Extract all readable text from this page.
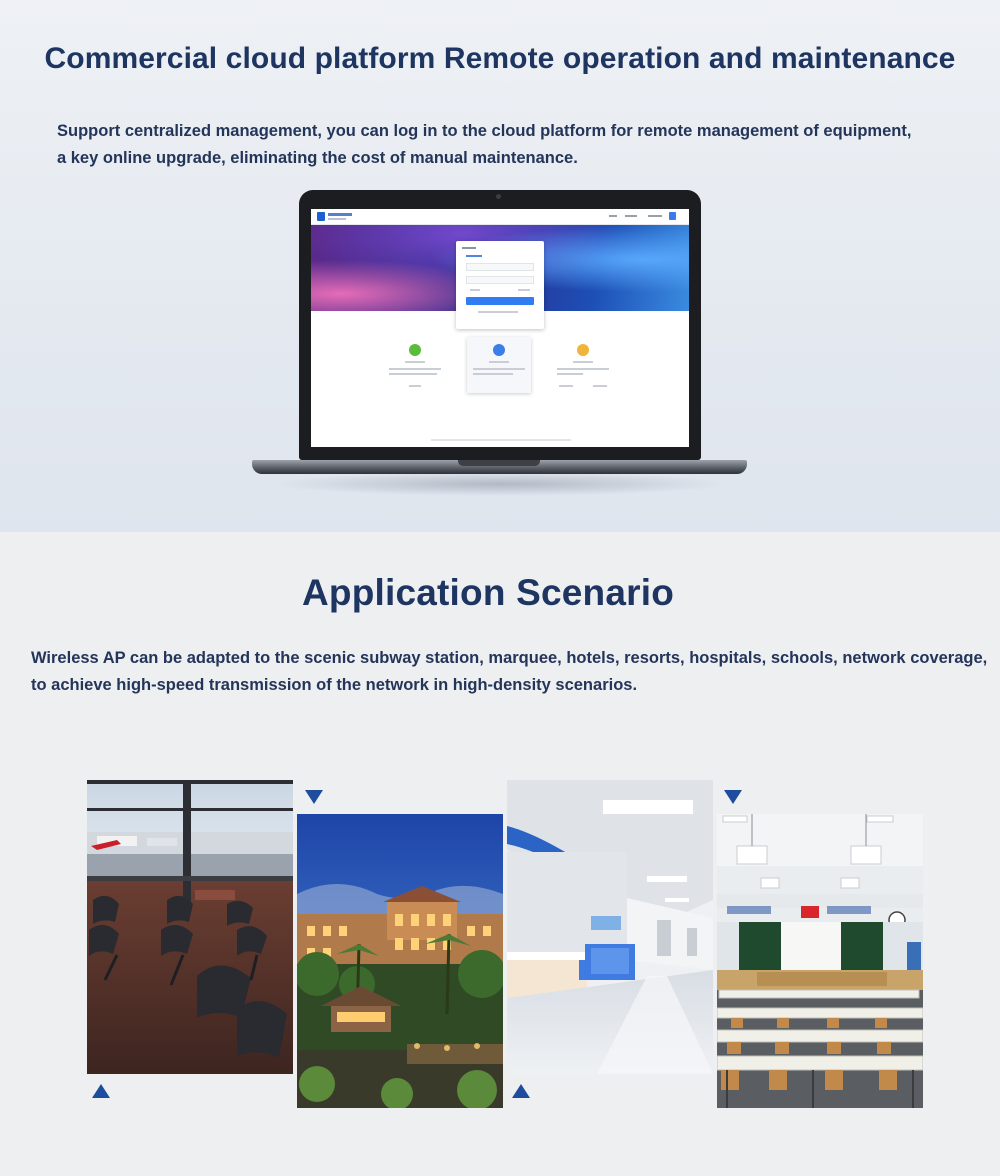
Commercial cloud platform Remote operation and maintenance
Support centralized management, you can log in to the cloud platform for remote management of equipment,
a key online upgrade, eliminating the cost of manual maintenance.
Application Scenario
Wireless AP can be adapted to the scenic subway station, marquee, hotels, resorts, hospitals, schools, network coverage,
to achieve high-speed transmission of the network in high-density scenarios.
